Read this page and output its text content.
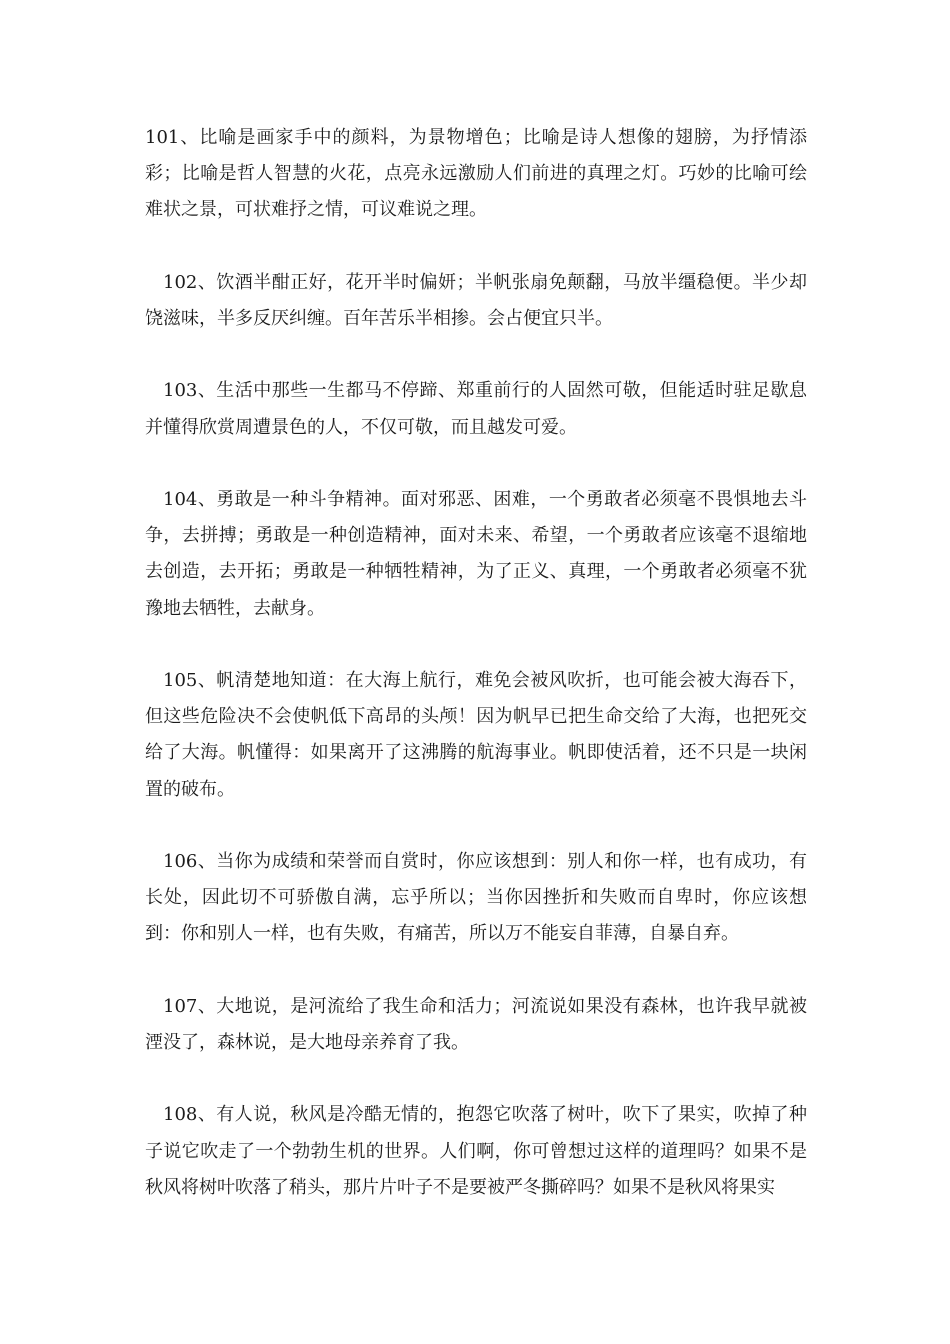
101、比喻是画家手中的颜料，为景物增色；比喻是诗人想像的翅膀，为抒情添彩；比喻是哲人智慧的火花，点亮永远激励人们前进的真理之灯。巧妙的比喻可绘难状之景，可状难抒之情，可议难说之理。

102、饮酒半酣正好，花开半时偏妍；半帆张扇免颠翻，马放半缰稳便。半少却饶滋味，半多反厌纠缠。百年苦乐半相掺。会占便宜只半。

103、生活中那些一生都马不停蹄、郑重前行的人固然可敬，但能适时驻足歇息并懂得欣赏周遭景色的人，不仅可敬，而且越发可爱。

104、勇敢是一种斗争精神。面对邪恶、困难，一个勇敢者必须毫不畏惧地去斗争，去拼搏；勇敢是一种创造精神，面对未来、希望，一个勇敢者应该毫不退缩地去创造，去开拓；勇敢是一种牺牲精神，为了正义、真理，一个勇敢者必须毫不犹豫地去牺牲，去献身。

105、帆清楚地知道：在大海上航行，难免会被风吹折，也可能会被大海吞下，但这些危险决不会使帆低下高昂的头颅！因为帆早已把生命交给了大海，也把死交给了大海。帆懂得：如果离开了这沸腾的航海事业。帆即使活着，还不只是一块闲置的破布。

106、当你为成绩和荣誉而自赏时，你应该想到：别人和你一样，也有成功，有长处，因此切不可骄傲自满，忘乎所以；当你因挫折和失败而自卑时，你应该想到：你和别人一样，也有失败，有痛苦，所以万不能妄自菲薄，自暴自弃。

107、大地说，是河流给了我生命和活力；河流说如果没有森林，也许我早就被湮没了，森林说，是大地母亲养育了我。

108、有人说，秋风是冷酷无情的，抱怨它吹落了树叶，吹下了果实，吹掉了种子说它吹走了一个勃勃生机的世界。人们啊，你可曾想过这样的道理吗？如果不是秋风将树叶吹落了稍头，那片片叶子不是要被严冬撕碎吗？如果不是秋风将果实
